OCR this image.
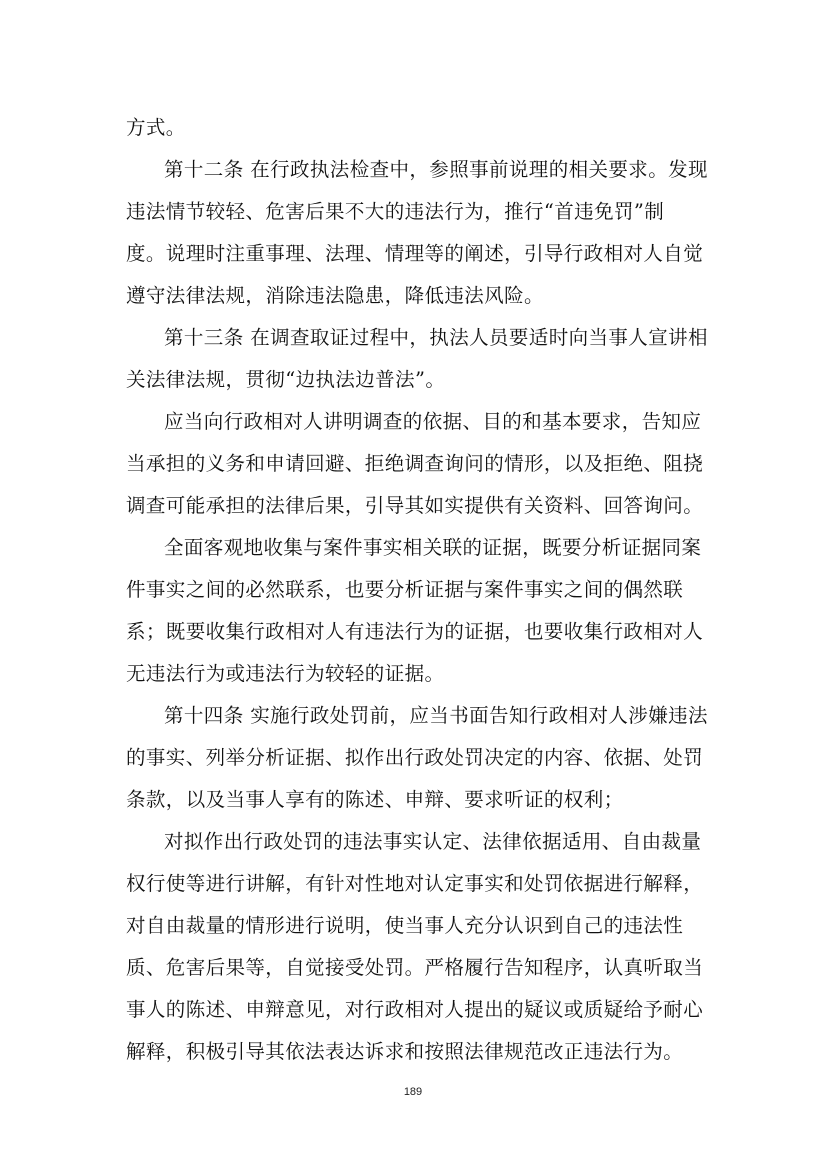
方式。
第十二条 在行政执法检查中，参照事前说理的相关要求。发现
违法情节较轻、危害后果不大的违法行为，推行“首违免罚”制
度。说理时注重事理、法理、情理等的阐述，引导行政相对人自觉
遵守法律法规，消除违法隐患，降低违法风险。
第十三条 在调查取证过程中，执法人员要适时向当事人宣讲相
关法律法规，贯彻“边执法边普法”。
应当向行政相对人讲明调查的依据、目的和基本要求，告知应
当承担的义务和申请回避、拒绝调查询问的情形，以及拒绝、阻挠
调查可能承担的法律后果，引导其如实提供有关资料、回答询问。
全面客观地收集与案件事实相关联的证据，既要分析证据同案
件事实之间的必然联系，也要分析证据与案件事实之间的偶然联
系；既要收集行政相对人有违法行为的证据，也要收集行政相对人
无违法行为或违法行为较轻的证据。
第十四条 实施行政处罚前，应当书面告知行政相对人涉嫌违法
的事实、列举分析证据、拟作出行政处罚决定的内容、依据、处罚
条款，以及当事人享有的陈述、申辩、要求听证的权利；
对拟作出行政处罚的违法事实认定、法律依据适用、自由裁量
权行使等进行讲解，有针对性地对认定事实和处罚依据进行解释，
对自由裁量的情形进行说明，使当事人充分认识到自己的违法性
质、危害后果等，自觉接受处罚。严格履行告知程序，认真听取当
事人的陈述、申辩意见，对行政相对人提出的疑议或质疑给予耐心
解释，积极引导其依法表达诉求和按照法律规范改正违法行为。
189
